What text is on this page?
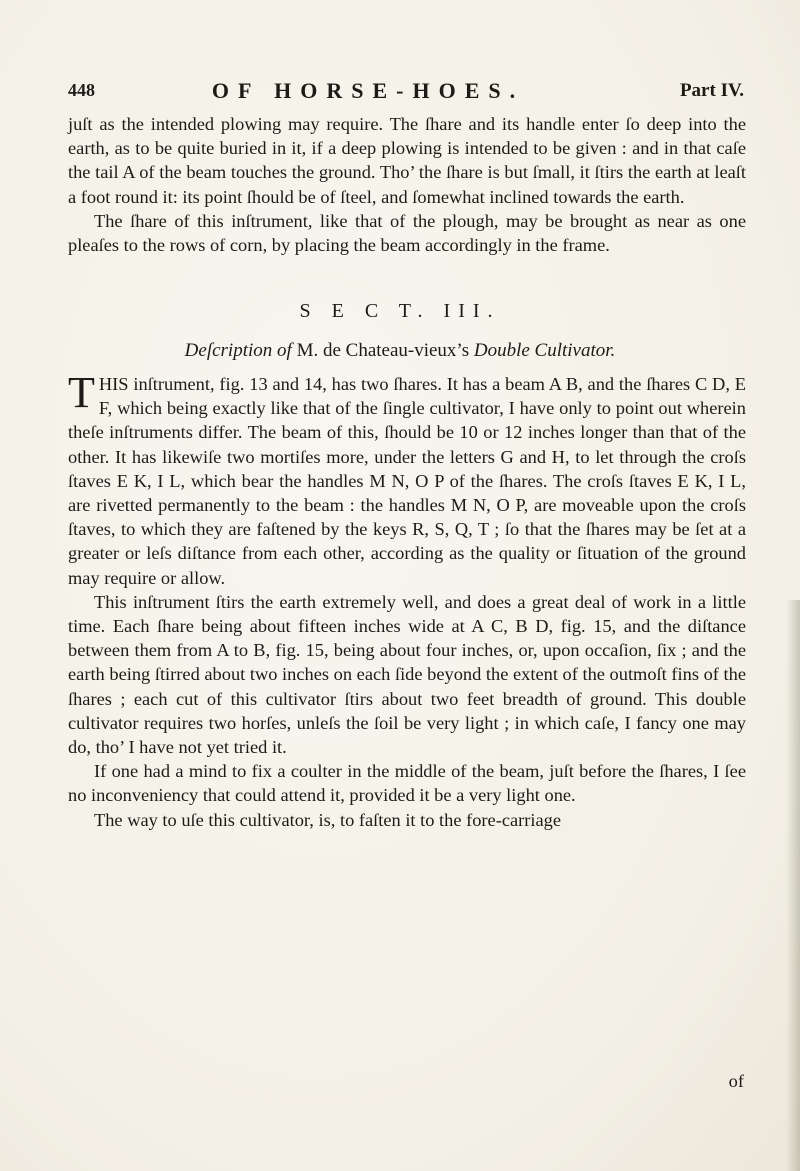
448	OF HORSE-HOES.	Part IV.

juſt as the intended plowing may require. The ſhare and its handle enter ſo deep into the earth, as to be quite buried in it, if a deep plowing is intended to be given : and in that caſe the tail A of the beam touches the ground. Tho’ the ſhare is but ſmall, it ſtirs the earth at leaſt a foot round it: its point ſhould be of ſteel, and ſomewhat inclined towards the earth.

The ſhare of this inſtrument, like that of the plough, may be brought as near as one pleaſes to the rows of corn, by placing the beam accordingly in the frame.

S E C T. III.
Deſcription of M. de Chateau-vieux’s Double Cultivator.

THIS inſtrument, fig. 13 and 14, has two ſhares. It has a beam A B, and the ſhares C D, E F, which being exactly like that of the ſingle cultivator, I have only to point out wherein theſe inſtruments differ. The beam of this, ſhould be 10 or 12 inches longer than that of the other. It has likewiſe two mortiſes more, under the letters G and H, to let through the croſs ſtaves E K, I L, which bear the handles M N, O P of the ſhares. The croſs ſtaves E K, I L, are rivetted permanently to the beam : the handles M N, O P, are moveable upon the croſs ſtaves, to which they are faſtened by the keys R, S, Q, T ; ſo that the ſhares may be ſet at a greater or leſs diſtance from each other, according as the quality or ſituation of the ground may require or allow.

This inſtrument ſtirs the earth extremely well, and does a great deal of work in a little time. Each ſhare being about fifteen inches wide at A C, B D, fig. 15, and the diſtance between them from A to B, fig. 15, being about four inches, or, upon occaſion, ſix ; and the earth being ſtirred about two inches on each ſide beyond the extent of the outmoſt fins of the ſhares ; each cut of this cultivator ſtirs about two feet breadth of ground. This double cultivator requires two horſes, unleſs the ſoil be very light ; in which caſe, I fancy one may do, tho’ I have not yet tried it.

If one had a mind to fix a coulter in the middle of the beam, juſt before the ſhares, I ſee no inconveniency that could attend it, provided it be a very light one.

The way to uſe this cultivator, is, to faſten it to the fore-carriage

of
